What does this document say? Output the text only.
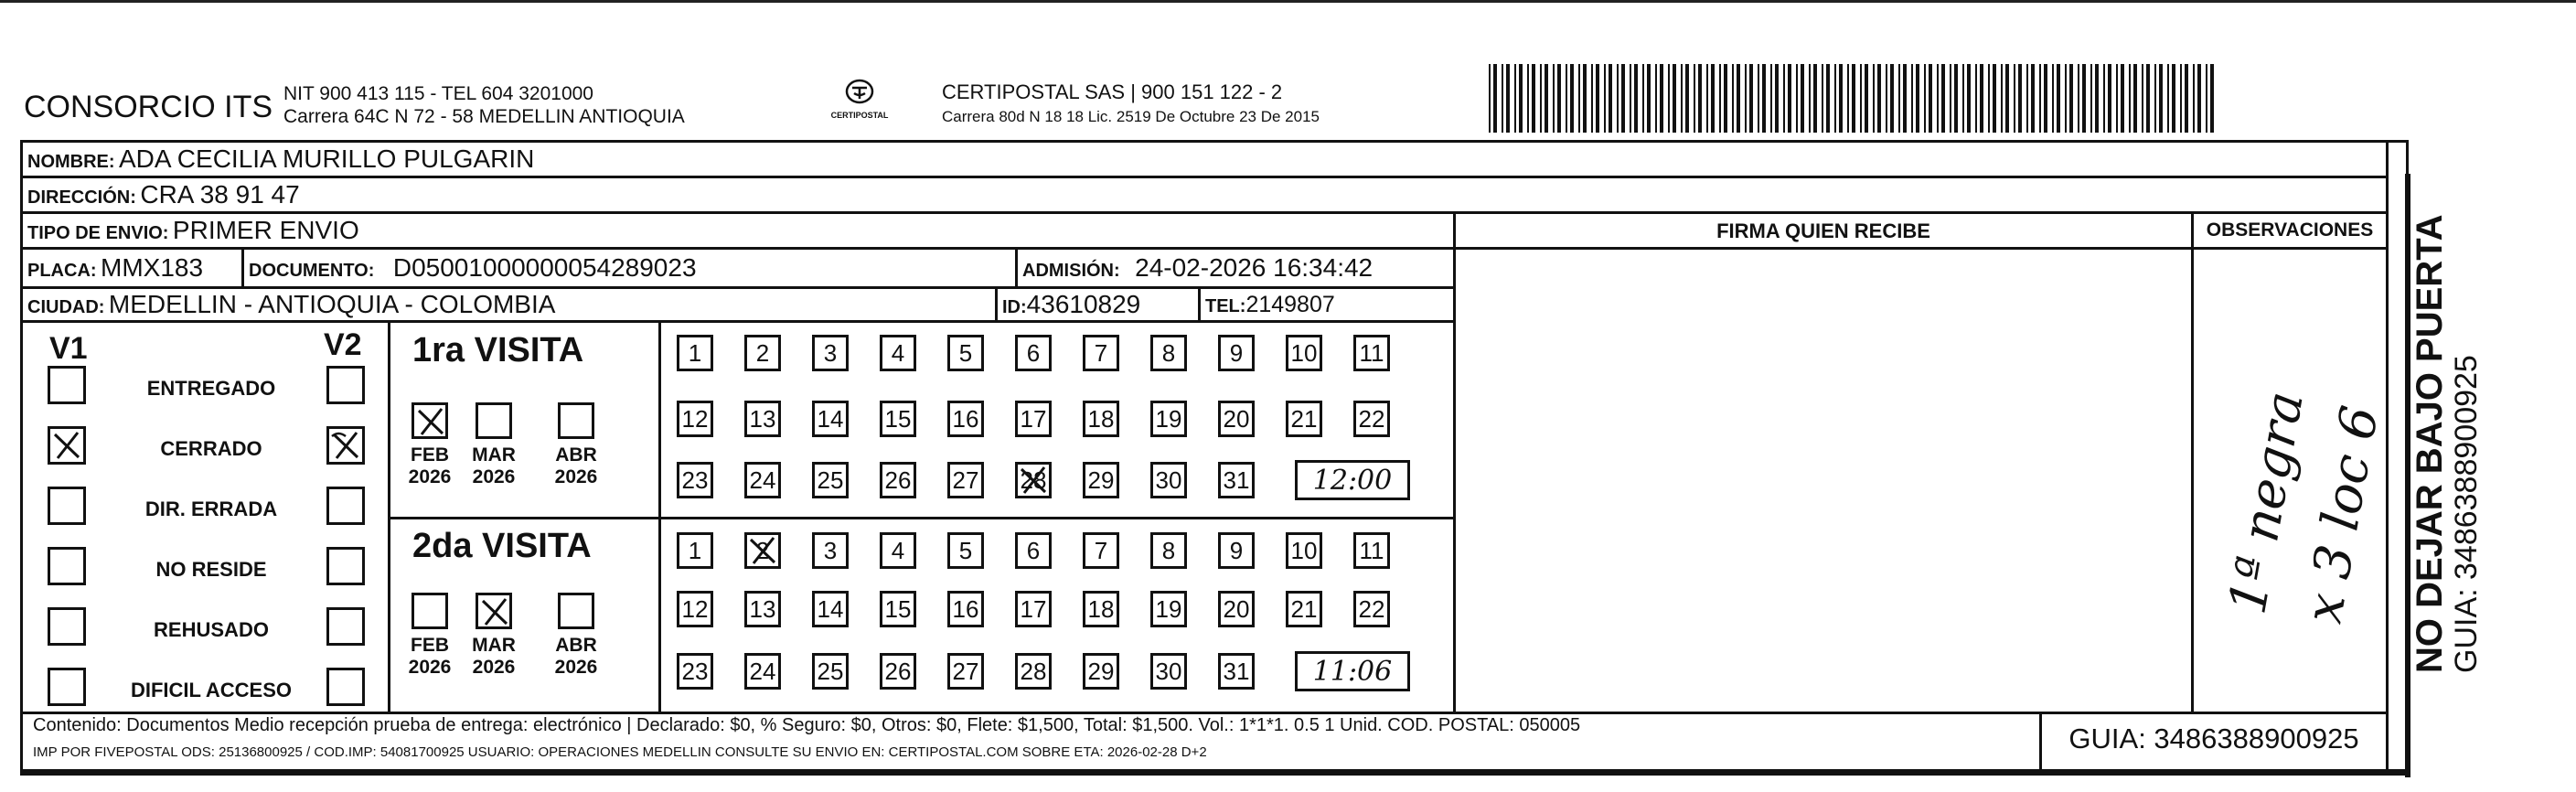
CONSORCIO ITS NIT 900 413 115 - TEL 604 3201000
Carrera 64C N 72 - 58 MEDELLIN ANTIOQUIA	CERTIPOSTAL
CERTIPOSTAL SAS | 900 151 122 - 2
Carrera 80d N 18 18 Lic. 2519 De Octubre 23 De 2015
NOMBRE: ADA CECILIA MURILLO PULGARIN
DIRECCIÓN: CRA 38 91 47
TIPO DE ENVIO: PRIMER ENVIO
PLACA: MMX183 DOCUMENTO: D05001000000054289023	ADMISIÓN: 24-02-2026 16:34:42
CIUDAD: MEDELLIN - ANTIOQUIA - COLOMBIA	ID:43610829	TEL:2149807
FIRMA QUIEN RECIBE	OBSERVACIONES
1ª negra
x 3 loc 6
V1	V2
ENTREGADO
CERRADO
DIR. ERRADA
NO RESIDE
REHUSADO
DIFICIL ACCESO
1ra VISITA
FEB
2026
MAR
2026
ABR
2026
1	2	3	4	5	6	7	8	9	10 11
12 13 14 15 16 17 18 19 20 21 22
23 24 25 26 27 28 29 30 31	12:00
2da VISITA
FEB
2026
MAR
2026
ABR
2026
1	2	3	4	5	6	7	8	9	10 11
12 13 14 15 16 17 18 19 20 21 22
23 24 25 26 27 28 29 30 31	11:06
Contenido: Documentos Medio recepción prueba de entrega: electrónico | Declarado: $0, % Seguro: $0, Otros: $0, Flete: $1,500, Total: $1,500. Vol.: 1*1*1. 0.5 1 Unid. COD. POSTAL: 050005
IMP POR FIVEPOSTAL ODS: 25136800925 / COD.IMP: 54081700925 USUARIO: OPERACIONES MEDELLIN CONSULTE SU ENVIO EN: CERTIPOSTAL.COM SOBRE ETA: 2026-02-28 D+2	GUIA: 3486388900925
NO DEJAR BAJO PUERTA GUIA: 3486388900925
